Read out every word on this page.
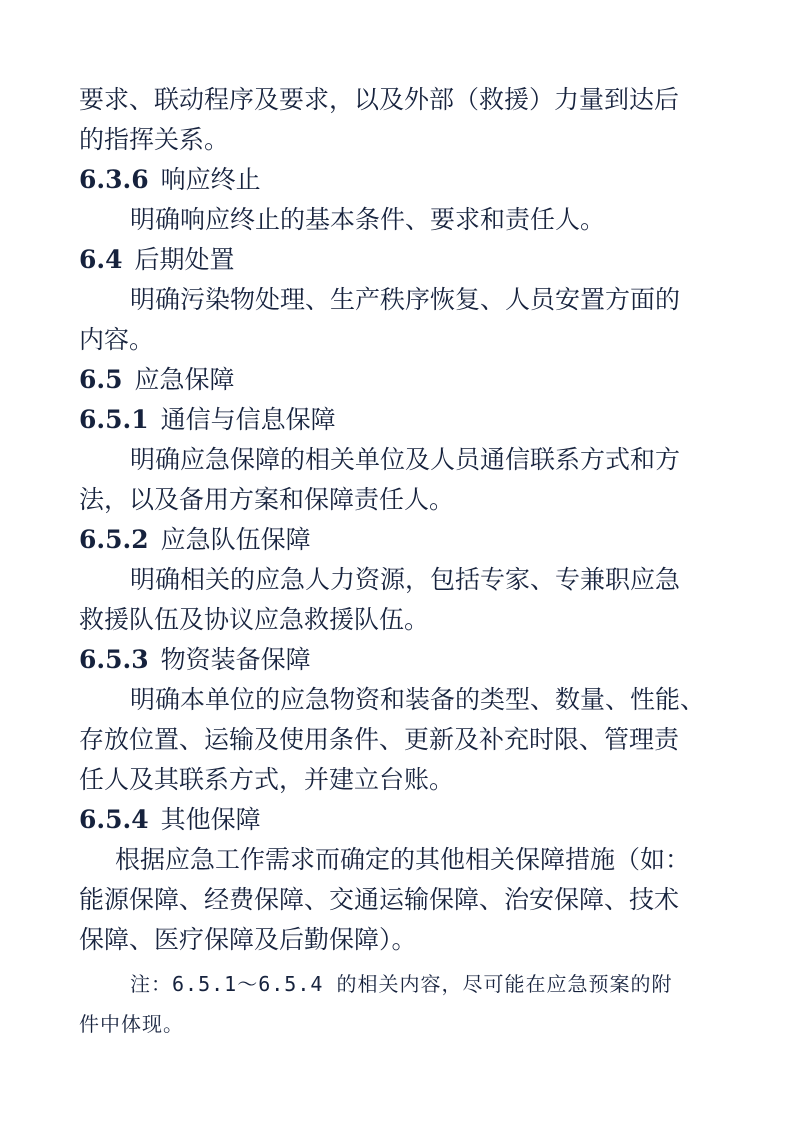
要求、联动程序及要求，以及外部（救援）力量到达后
的指挥关系。
6.3.6 响应终止
明确响应终止的基本条件、要求和责任人。
6.4 后期处置
明确污染物处理、生产秩序恢复、人员安置方面的
内容。
6.5 应急保障
6.5.1 通信与信息保障
明确应急保障的相关单位及人员通信联系方式和方
法，以及备用方案和保障责任人。
6.5.2 应急队伍保障
明确相关的应急人力资源，包括专家、专兼职应急
救援队伍及协议应急救援队伍。
6.5.3 物资装备保障
明确本单位的应急物资和装备的类型、数量、性能、
存放位置、运输及使用条件、更新及补充时限、管理责
任人及其联系方式，并建立台账。
6.5.4 其他保障
根据应急工作需求而确定的其他相关保障措施（如：
能源保障、经费保障、交通运输保障、治安保障、技术
保障、医疗保障及后勤保障）。
注：6.5.1～6.5.4 的相关内容，尽可能在应急预案的附
件中体现。
